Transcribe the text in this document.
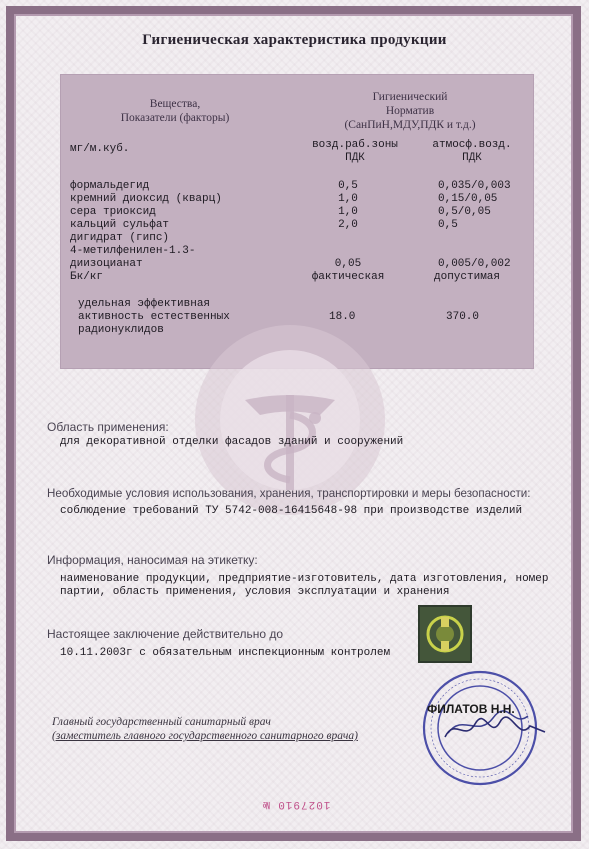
Гигиеническая характеристика продукции
Вещества,
Показатели (факторы)
Гигиенический
Норматив
(СанПиН,МДУ,ПДК и т.д.)
мг/м.куб.	возд.раб.зоны
ПДК
атмосф.возд.
ПДК
формальдегид
кремний диоксид (кварц)
сера триоксид
кальций сульфат
дигидрат (гипс)
4-метилфенилен-1.3-
диизоцианат
Бк/кг
0,5
1,0
1,0
2,0
0,05
фактическая
0,035/0,003
0,15/0,05
0,5/0,05
0,5
0,005/0,002
допустимая
удельная эффективная
активность естественных
радионуклидов
18.0	370.0
Область применения:
для декоративной отделки фасадов зданий и сооружений
Необходимые условия использования, хранения, транспортировки и меры безопасности:
соблюдение требований ТУ 5742-008-16415648-98 при производстве изделий
Информация, наносимая на этикетку:
наименование продукции, предприятие-изготовитель, дата изготовления, номер
партии, область применения, условия эксплуатации и хранения
Настоящее заключение действительно до
10.11.2003г с обязательным инспекционным контролем
Главный государственный санитарный врач
(заместитель главного государственного санитарного врача)
ФИЛАТОВ Н.Н.
1027910 №
